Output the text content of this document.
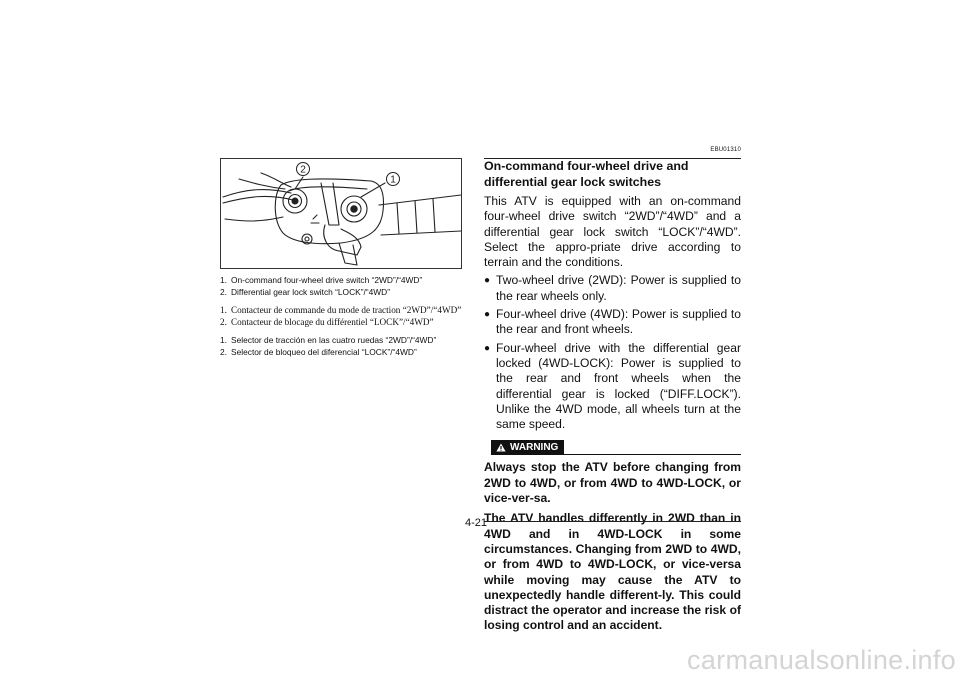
2
1
1. On-command four-wheel drive switch “2WD”/“4WD”
2. Differential gear lock switch “LOCK”/“4WD”
1. Contacteur de commande du mode de traction “2WD”/“4WD”
2. Contacteur de blocage du différentiel “LOCK”/“4WD”
1. Selector de tracción en las cuatro ruedas “2WD”/“4WD”
2. Selector de bloqueo del diferencial “LOCK”/“4WD”
EBU01310
On-command four-wheel drive and differential gear lock switches
This ATV is equipped with an on-command four-wheel drive switch “2WD”/“4WD” and a differential gear lock switch “LOCK”/“4WD”. Select the appro-priate drive according to terrain and the conditions.
● Two-wheel drive (2WD): Power is supplied to the rear wheels only.
● Four-wheel drive (4WD): Power is supplied to the rear and front wheels.
● Four-wheel drive with the differential gear locked (4WD-LOCK): Power is supplied to the rear and front wheels when the differential gear is locked (“DIFF.LOCK”). Unlike the 4WD mode, all wheels turn at the same speed.
WARNING
Always stop the ATV before changing from 2WD to 4WD, or from 4WD to 4WD-LOCK, or vice-ver-sa.
The ATV handles differently in 2WD than in 4WD and in 4WD-LOCK in some circumstances. Changing from 2WD to 4WD, or from 4WD to 4WD-LOCK, or vice-versa while moving may cause the ATV to unexpectedly handle different-ly. This could distract the operator and increase the risk of losing control and an accident.
4-21
carmanualsonline.info
